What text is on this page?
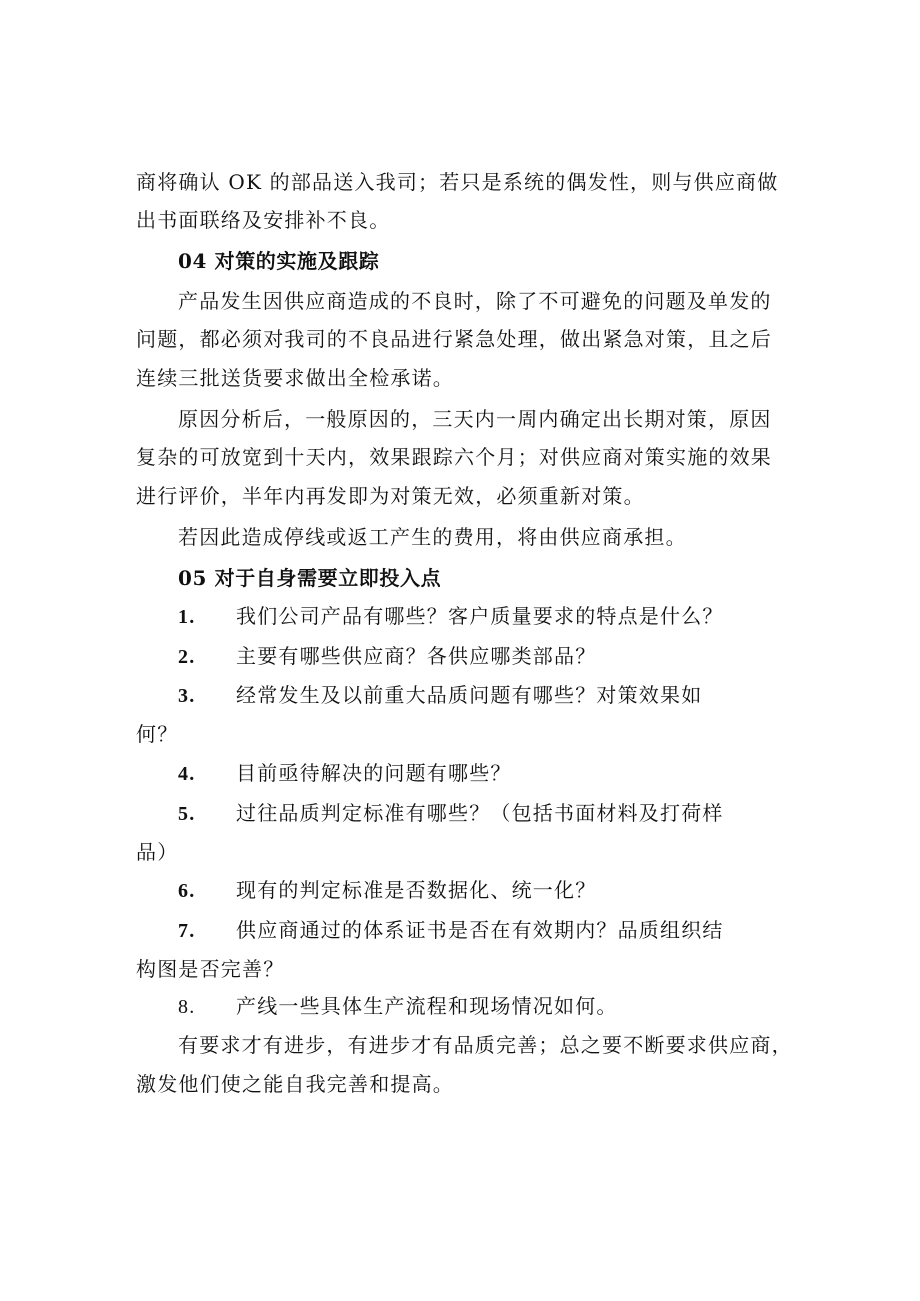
商将确认 OK 的部品送入我司；若只是系统的偶发性，则与供应商做
出书面联络及安排补不良。
04 对策的实施及跟踪
产品发生因供应商造成的不良时，除了不可避免的问题及单发的
问题，都必须对我司的不良品进行紧急处理，做出紧急对策，且之后
连续三批送货要求做出全检承诺。
原因分析后，一般原因的，三天内一周内确定出长期对策，原因
复杂的可放宽到十天内，效果跟踪六个月；对供应商对策实施的效果
进行评价，半年内再发即为对策无效，必须重新对策。
若因此造成停线或返工产生的费用，将由供应商承担。
05 对于自身需要立即投入点
1. 我们公司产品有哪些？客户质量要求的特点是什么？
2. 主要有哪些供应商？各供应哪类部品？
3. 经常发生及以前重大品质问题有哪些？对策效果如
何？
4. 目前亟待解决的问题有哪些？
5. 过往品质判定标准有哪些？（包括书面材料及打荷样
品）
6. 现有的判定标准是否数据化、统一化？
7. 供应商通过的体系证书是否在有效期内？品质组织结
构图是否完善？
8. 产线一些具体生产流程和现场情况如何。
有要求才有进步，有进步才有品质完善；总之要不断要求供应商，
激发他们使之能自我完善和提高。
